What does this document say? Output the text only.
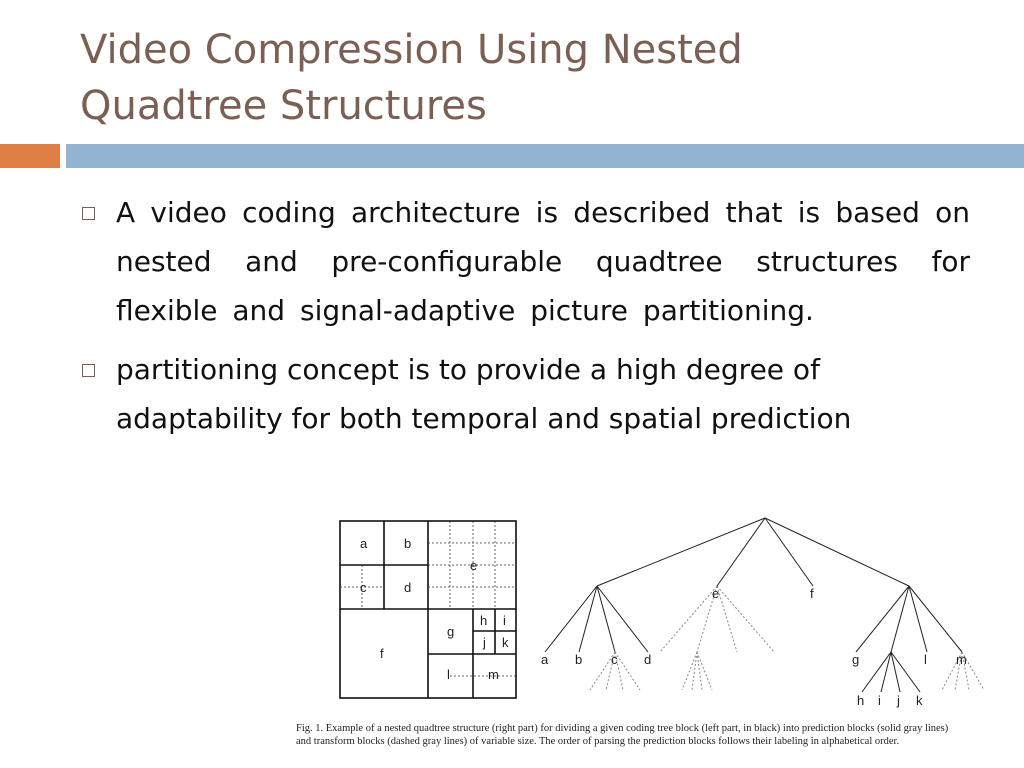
Video Compression Using Nested
Quadtree Structures
A video coding architecture is described that is based on nested and pre-configurable quadtree structures for flexible and signal-adaptive picture partitioning.
partitioning concept is to provide a high degree of adaptability for both temporal and spatial prediction
a	b
c	d
e
f
g
h i
j k
l	m
e	f
a b c d	g	l m
h i j k

Fig. 1. Example of a nested quadtree structure (right part) for dividing a given coding tree block (left part, in black) into prediction blocks (solid gray lines)
and transform blocks (dashed gray lines) of variable size. The order of parsing the prediction blocks follows their labeling in alphabetical order.
